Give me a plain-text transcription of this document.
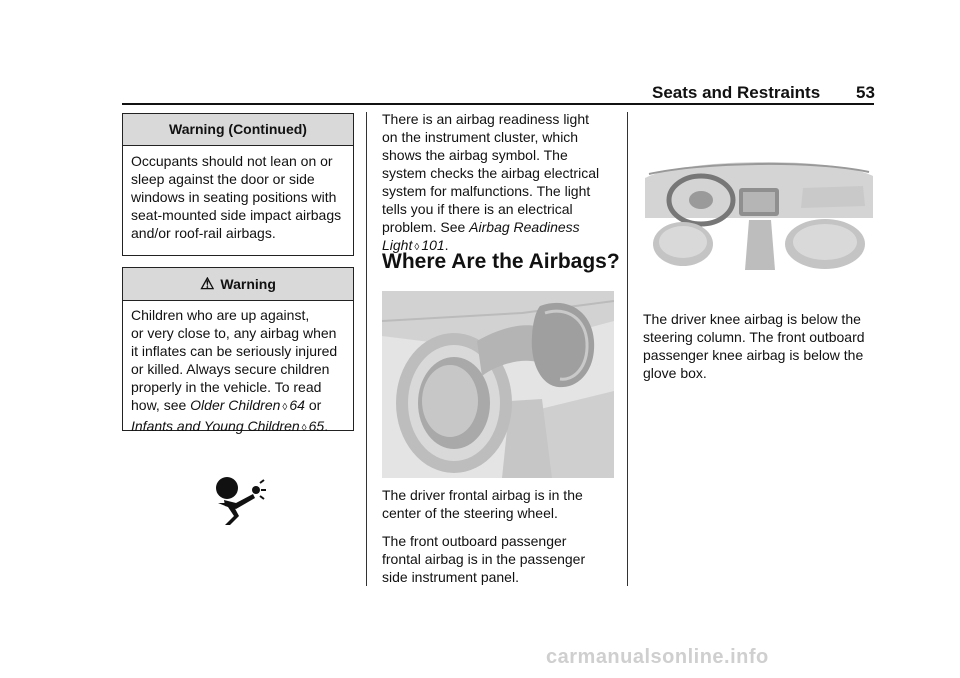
Seats and Restraints 53
Warning (Continued)
Occupants should not lean on or sleep against the door or side windows in seating positions with seat-mounted side impact airbags and/or roof-rail airbags.
⚠ Warning
Children who are up against,
or very close to, any airbag when
it inflates can be seriously injured
or killed. Always secure children
properly in the vehicle. To read
how, see Older Children ◊ 64 or
Infants and Young Children ◊ 65.
There is an airbag readiness light
on the instrument cluster, which
shows the airbag symbol. The
system checks the airbag electrical
system for malfunctions. The light
tells you if there is an electrical
problem. See Airbag Readiness
Light ◊ 101.
Where Are the Airbags?
The driver frontal airbag is in the
center of the steering wheel.
The front outboard passenger
frontal airbag is in the passenger
side instrument panel.
The driver knee airbag is below the
steering column. The front outboard
passenger knee airbag is below the
glove box.
carmanualsonline.info
